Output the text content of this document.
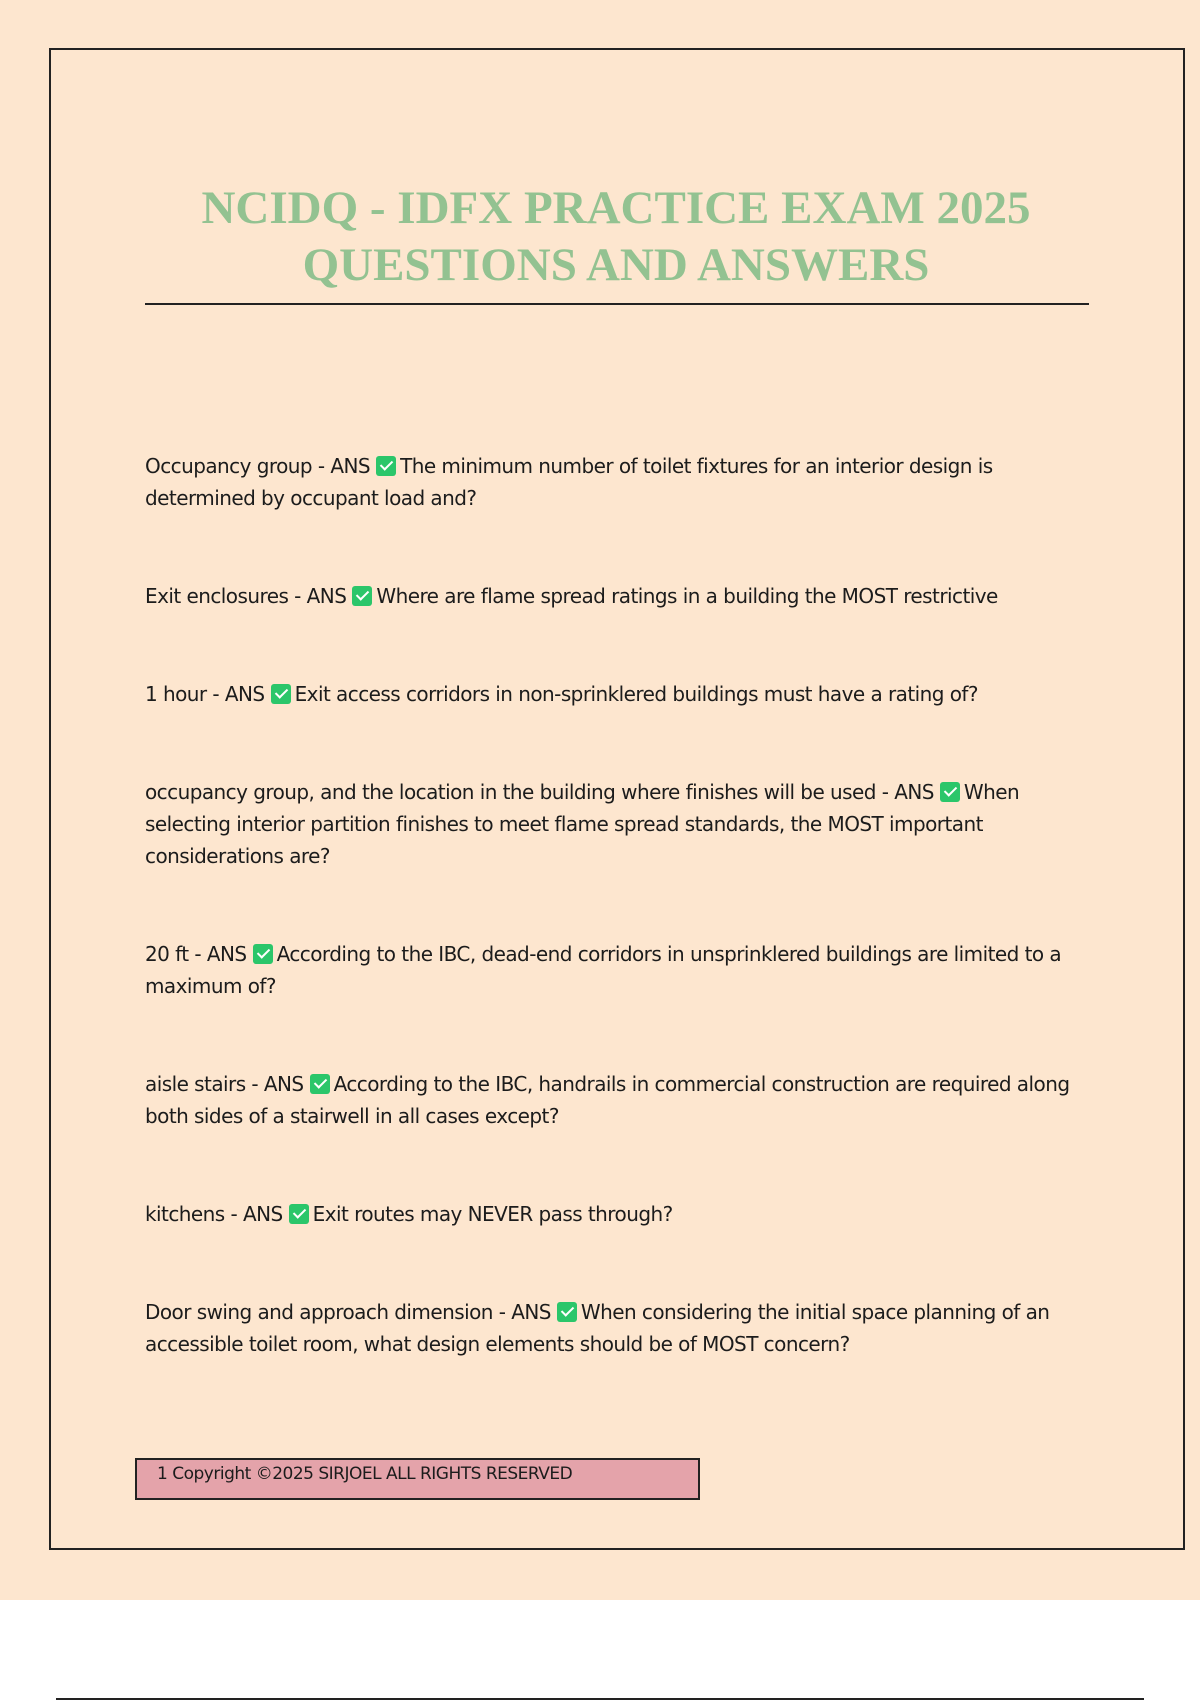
NCIDQ - IDFX PRACTICE EXAM 2025
QUESTIONS AND ANSWERS
Occupancy group - ANS The minimum number of toilet fixtures for an interior design is determined by occupant load and?
Exit enclosures - ANS Where are flame spread ratings in a building the MOST restrictive
1 hour - ANS Exit access corridors in non-sprinklered buildings must have a rating of?
occupancy group, and the location in the building where finishes will be used - ANS When selecting interior partition finishes to meet flame spread standards, the MOST important considerations are?
20 ft - ANS According to the IBC, dead-end corridors in unsprinklered buildings are limited to a maximum of?
aisle stairs - ANS According to the IBC, handrails in commercial construction are required along both sides of a stairwell in all cases except?
kitchens - ANS Exit routes may NEVER pass through?
Door swing and approach dimension - ANS When considering the initial space planning of an accessible toilet room, what design elements should be of MOST concern?
1 Copyright ©2025 SIRJOEL ALL RIGHTS RESERVED
